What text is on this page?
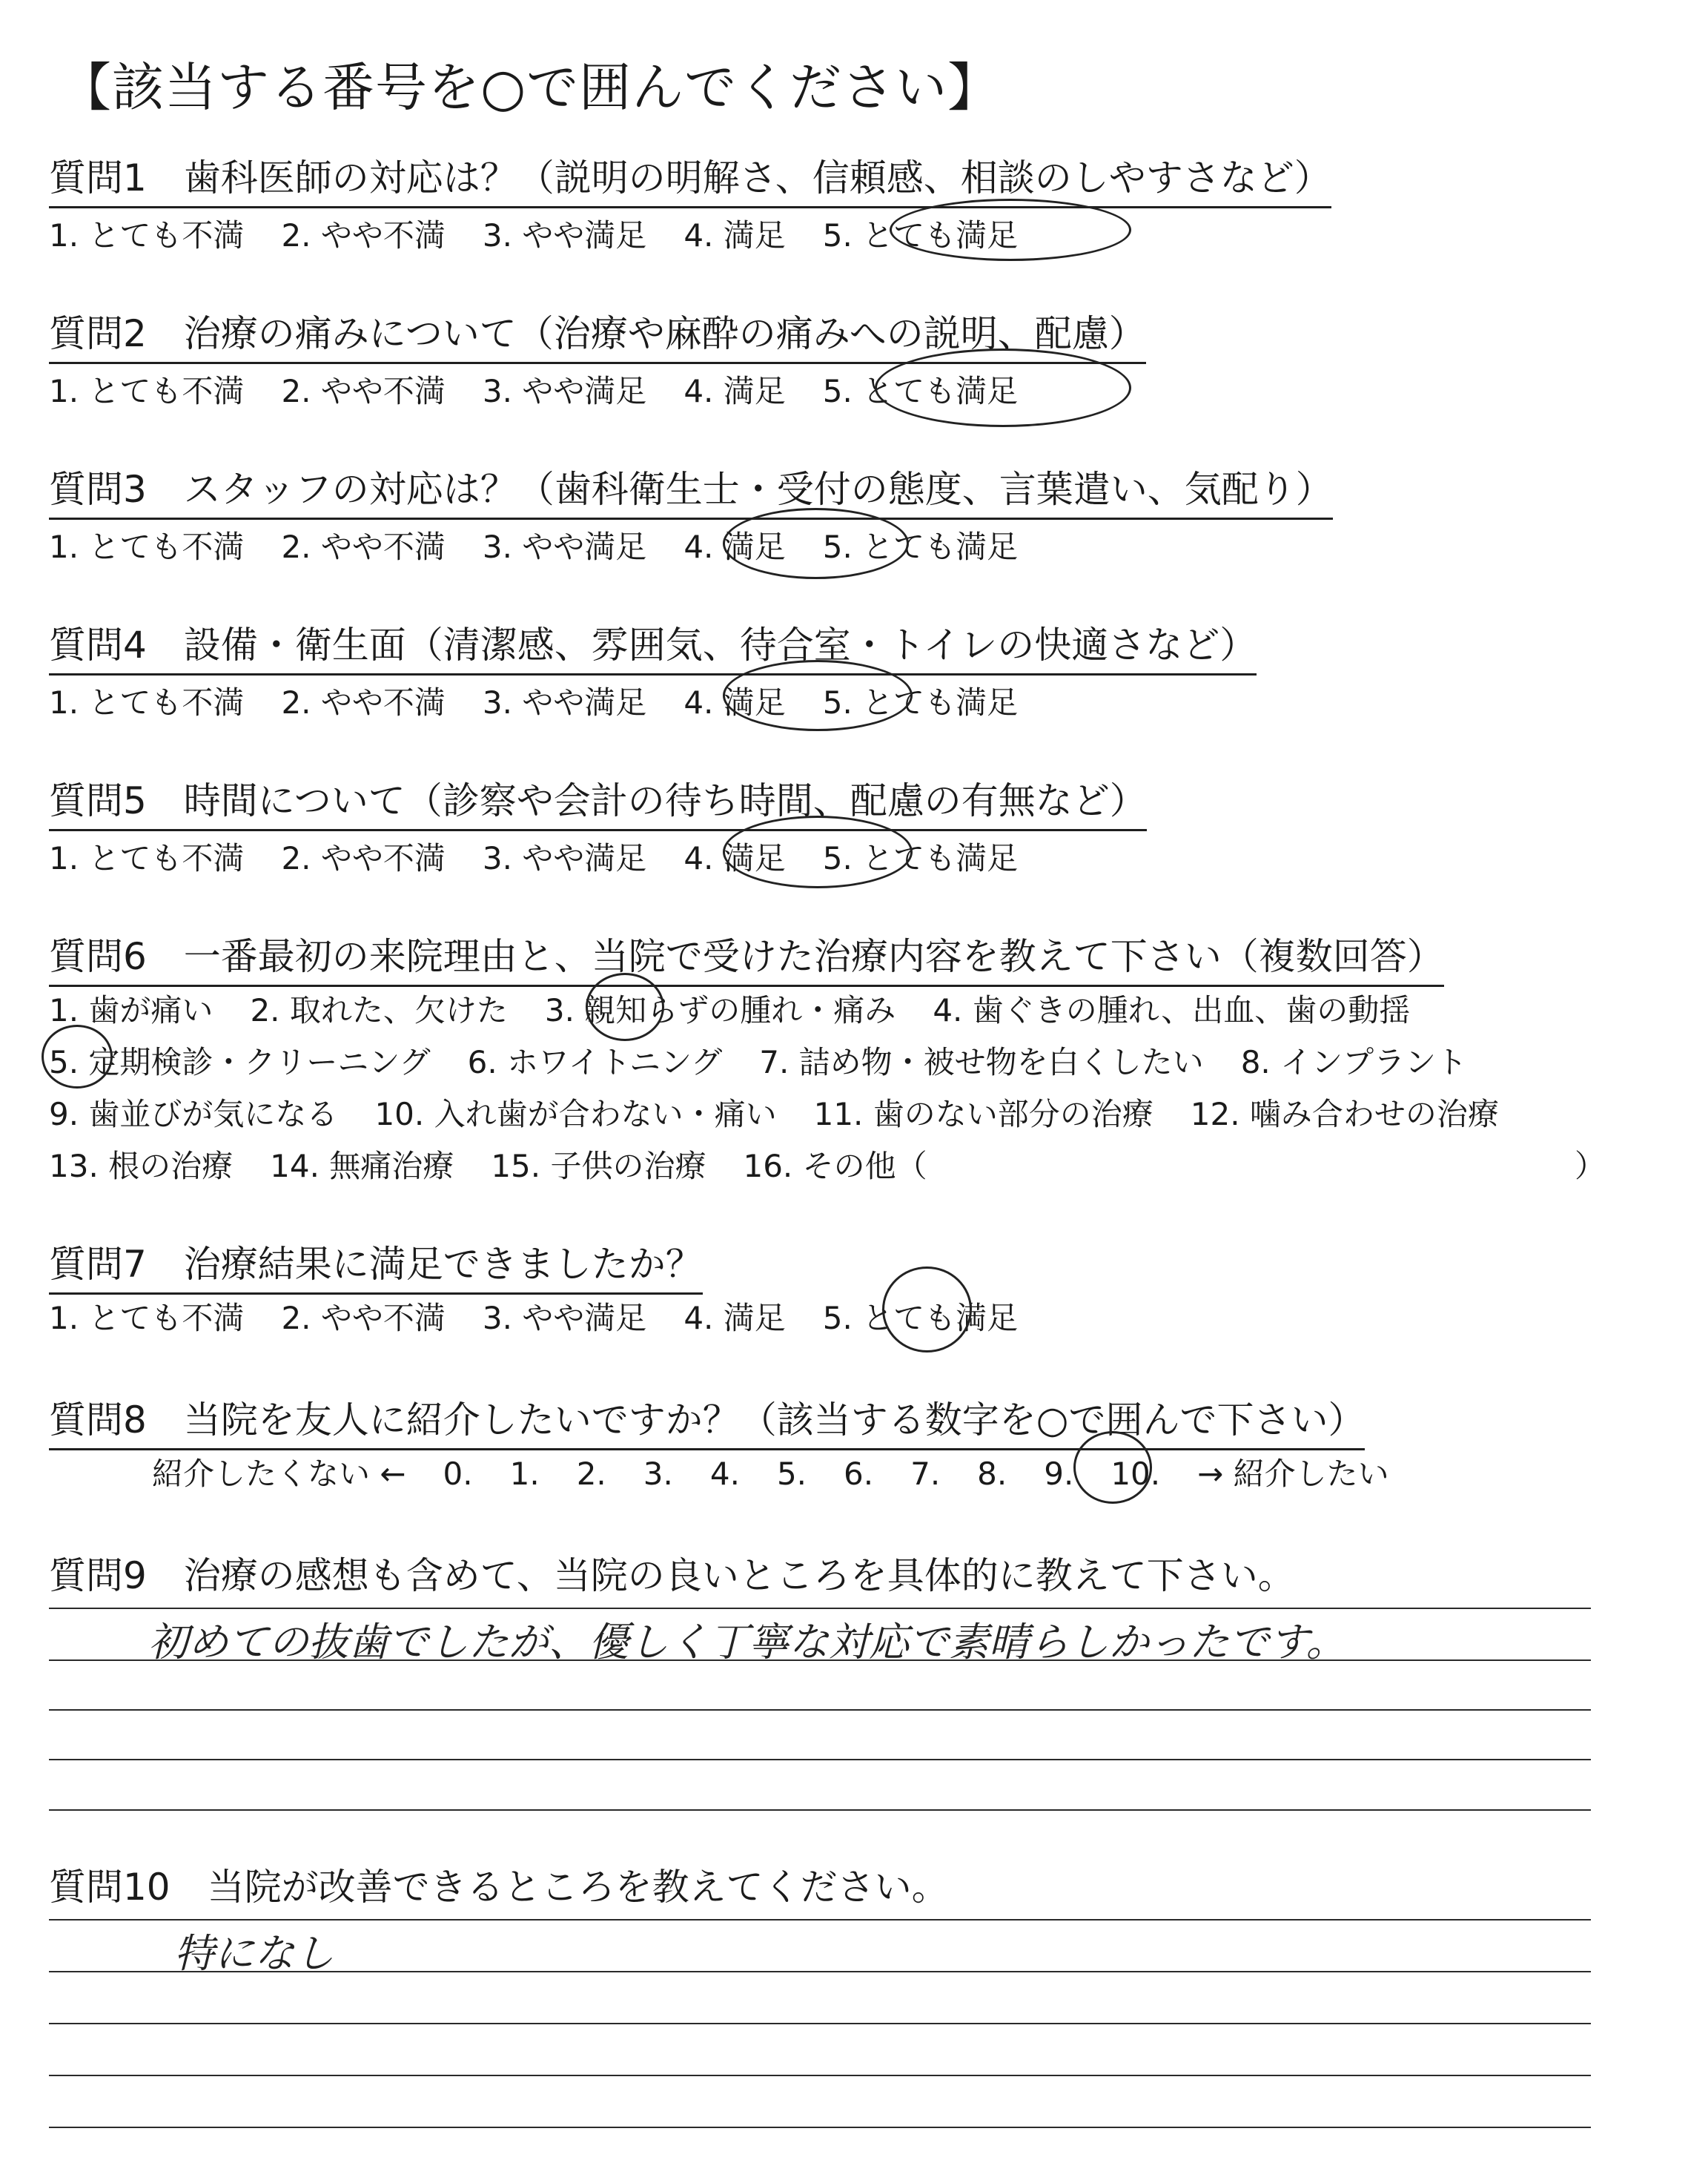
【該当する番号を○で囲んでください】
質問1　歯科医師の対応は？（説明の明解さ、信頼感、相談のしやすさなど）
1. とても不満 2. やや不満 3. やや満足 4. 満足 5. とても満足
質問2　治療の痛みについて（治療や麻酔の痛みへの説明、配慮）
1. とても不満 2. やや不満 3. やや満足 4. 満足 5. とても満足
質問3　スタッフの対応は？（歯科衛生士・受付の態度、言葉遣い、気配り）
1. とても不満 2. やや不満 3. やや満足 4. 満足 5. とても満足
質問4　設備・衛生面（清潔感、雰囲気、待合室・トイレの快適さなど）
1. とても不満 2. やや不満 3. やや満足 4. 満足 5. とても満足
質問5　時間について（診察や会計の待ち時間、配慮の有無など）
1. とても不満 2. やや不満 3. やや満足 4. 満足 5. とても満足
質問6　一番最初の来院理由と、当院で受けた治療内容を教えて下さい（複数回答）
1. 歯が痛い 2. 取れた、欠けた 3. 親知らずの腫れ・痛み 4. 歯ぐきの腫れ、出血、歯の動揺
5. 定期検診・クリーニング 6. ホワイトニング 7. 詰め物・被せ物を白くしたい 8. インプラント
9. 歯並びが気になる 10. 入れ歯が合わない・痛い 11. 歯のない部分の治療 12. 噛み合わせの治療
13. 根の治療 14. 無痛治療 15. 子供の治療 16. その他（	）
質問7　治療結果に満足できましたか？
1. とても不満 2. やや不満 3. やや満足 4. 満足 5. とても満足
質問8　当院を友人に紹介したいですか？（該当する数字を○で囲んで下さい）
紹介したくない ← 0. 1. 2. 3. 4. 5. 6. 7. 8. 9. 10. → 紹介したい
質問9　治療の感想も含めて、当院の良いところを具体的に教えて下さい。
初めての抜歯でしたが、優しく丁寧な対応で素晴らしかったです。
質問10　当院が改善できるところを教えてください。
特になし
